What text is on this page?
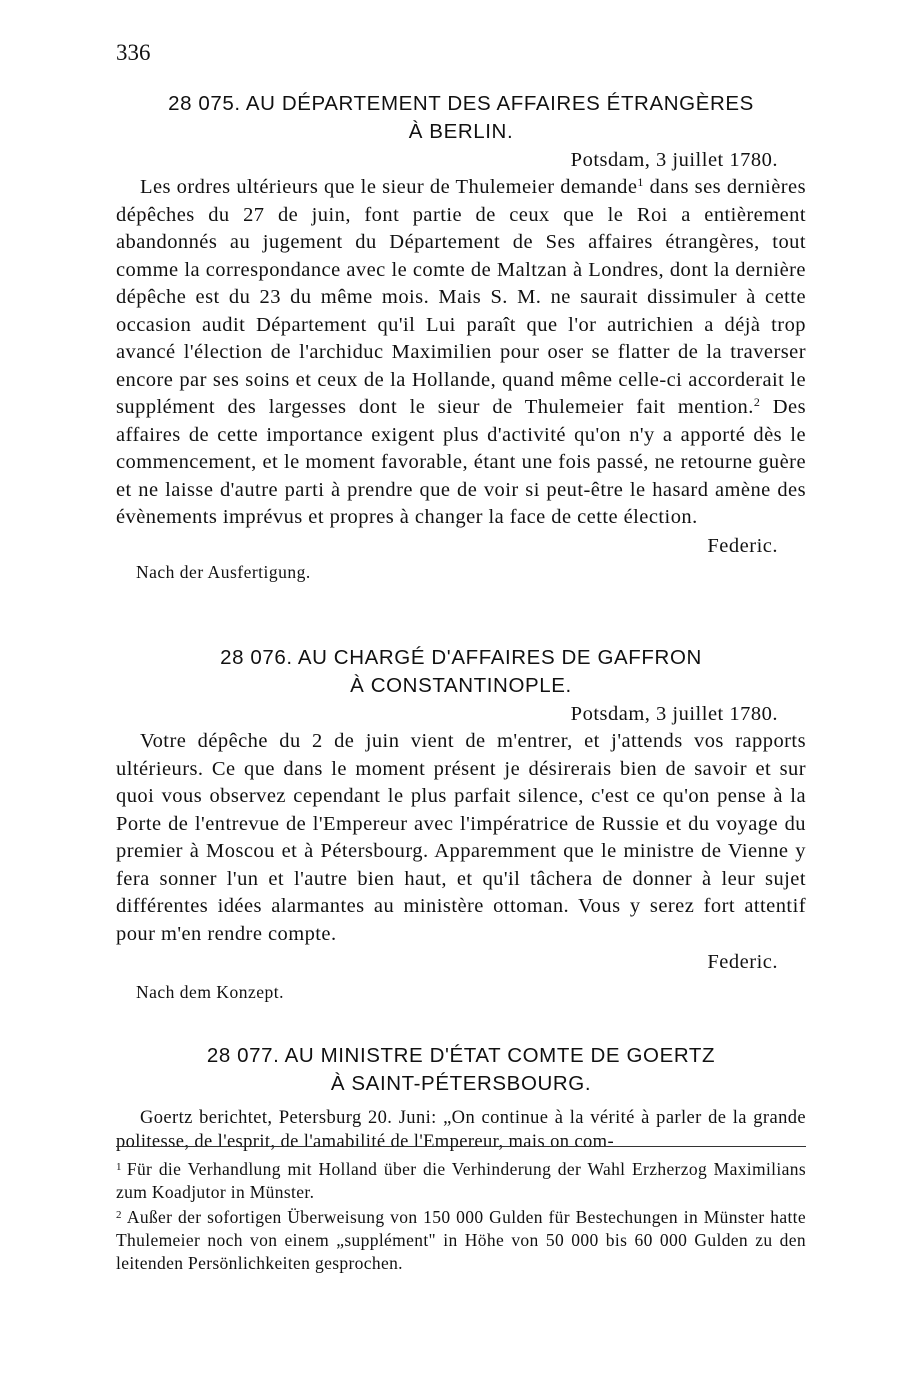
336
28 075. AU DÉPARTEMENT DES AFFAIRES ÉTRANGÈRES
À BERLIN.
Potsdam, 3 juillet 1780.

Les ordres ultérieurs que le sieur de Thulemeier demande$^1$ dans ses dernières dépêches du 27 de juin, font partie de ceux que le Roi a entièrement abandonnés au jugement du Département de Ses affaires étrangères, tout comme la correspondance avec le comte de Maltzan à Londres, dont la dernière dépêche est du 23 du même mois. Mais S. M. ne saurait dissimuler à cette occasion audit Département qu'il Lui paraît que l'or autrichien a déjà trop avancé l'élection de l'archiduc Maximilien pour oser se flatter de la traverser encore par ses soins et ceux de la Hollande, quand même celle-ci accorderait le supplément des largesses dont le sieur de Thulemeier fait mention.$^2$ Des affaires de cette importance exigent plus d'activité qu'on n'y a apporté dès le commencement, et le moment favorable, étant une fois passé, ne retourne guère et ne laisse d'autre parti à prendre que de voir si peut-être le hasard amène des évènements imprévus et propres à changer la face de cette élection.

Federic.
Nach der Ausfertigung.
28 076. AU CHARGÉ D'AFFAIRES DE GAFFRON
À CONSTANTINOPLE.
Potsdam, 3 juillet 1780.

Votre dépêche du 2 de juin vient de m'entrer, et j'attends vos rapports ultérieurs. Ce que dans le moment présent je désirerais bien de savoir et sur quoi vous observez cependant le plus parfait silence, c'est ce qu'on pense à la Porte de l'entrevue de l'Empereur avec l'impératrice de Russie et du voyage du premier à Moscou et à Pétersbourg. Apparemment que le ministre de Vienne y fera sonner l'un et l'autre bien haut, et qu'il tâchera de donner à leur sujet différentes idées alarmantes au ministère ottoman. Vous y serez fort attentif pour m'en rendre compte.

Federic.
Nach dem Konzept.
28 077. AU MINISTRE D'ÉTAT COMTE DE GOERTZ
À SAINT-PÉTERSBOURG.

Goertz berichtet, Petersburg 20. Juni: „On continue à la vérité à parler de la grande politesse, de l'esprit, de l'amabilité de l'Empereur, mais on com-

$^1$ Für die Verhandlung mit Holland über die Verhinderung der Wahl Erzherzog Maximilians zum Koadjutor in Münster.

$^2$ Außer der sofortigen Überweisung von 150 000 Gulden für Bestechungen in Münster hatte Thulemeier noch von einem „supplément" in Höhe von 50 000 bis 60 000 Gulden zu den leitenden Persönlichkeiten gesprochen.
